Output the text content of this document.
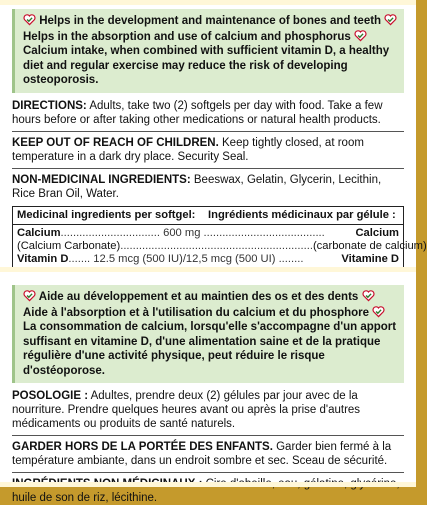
Helps in the development and maintenance of bones and teeth
Helps in the absorption and use of calcium and phosphorus
Calcium intake, when combined with sufficient vitamin D, a healthy diet and regular exercise may reduce the risk of developing osteoporosis.
DIRECTIONS: Adults, take two (2) softgels per day with food. Take a few hours before or after taking other medications or natural health products.
KEEP OUT OF REACH OF CHILDREN. Keep tightly closed, at room temperature in a dark dry place. Security Seal.
NON-MEDICINAL INGREDIENTS: Beeswax, Gelatin, Glycerin, Lecithin, Rice Bran Oil, Water.
Medicinal ingredients per softgel:	Ingrédients médicinaux par gélule :
Calcium ................................ 600 mg .......................................	Calcium
(Calcium Carbonate) .............................................................. (carbonate de calcium)
Vitamin D ....... 12.5 mcg (500 IU)/12,5 mcg (500 UI) ........	Vitamine D
Aide au développement et au maintien des os et des dents
Aide à l'absorption et à l'utilisation du calcium et du phosphore
La consommation de calcium, lorsqu'elle s'accompagne d'un apport suffisant en vitamine D, d'une alimentation saine et de la pratique régulière d'une activité physique, peut réduire le risque d'ostéoporose.
POSOLOGIE : Adultes, prendre deux (2) gélules par jour avec de la nourriture. Prendre quelques heures avant ou après la prise d'autres médicaments ou produits de santé naturels.
GARDER HORS DE LA PORTÉE DES ENFANTS. Garder bien fermé à la température ambiante, dans un endroit sombre et sec. Sceau de sécurité.
huile de son de riz, lécithine.
